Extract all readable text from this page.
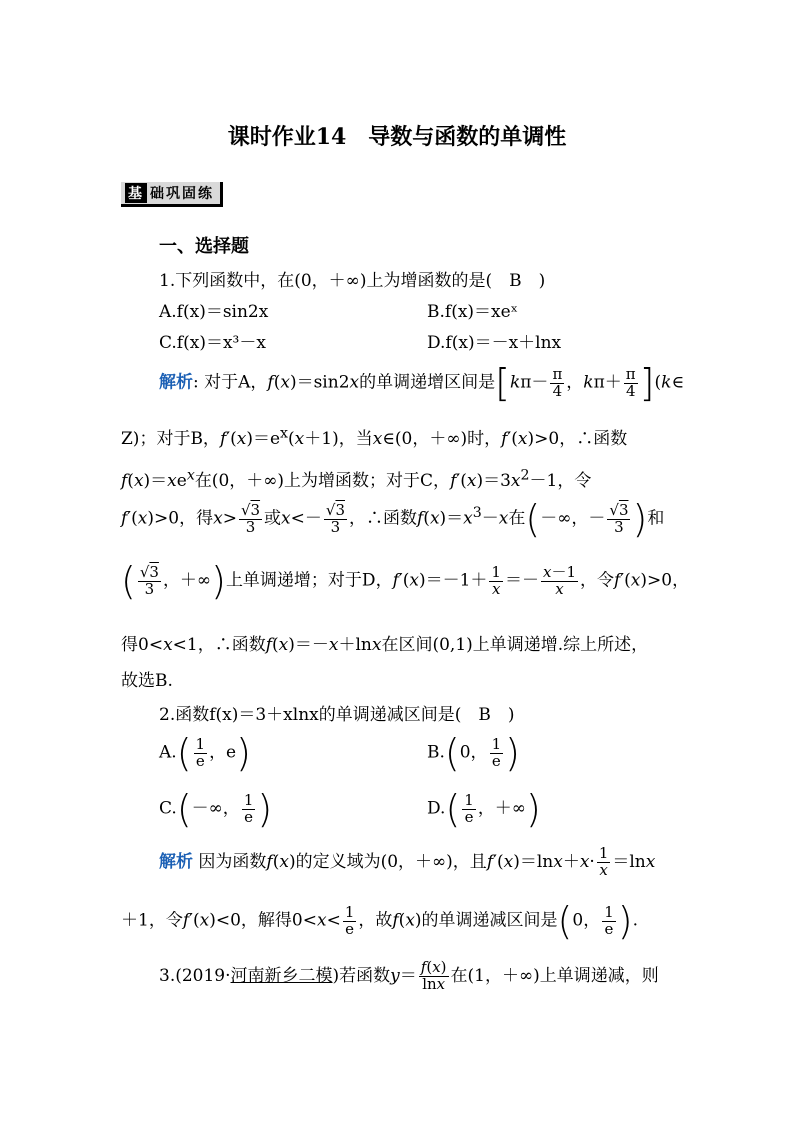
课时作业14　导数与函数的单调性
基 础巩固练
一、选择题
1.下列函数中，在(0，＋∞)上为增函数的是(　B　)
A.f(x)＝sin2x	B.f(x)＝xeˣ
C.f(x)＝x³－x	D.f(x)＝－x＋lnx
解析: 对于A，f(x)＝sin2x的单调递增区间是[$k\pi- \frac{\pi}{4}$ ，$k\pi+ \frac{\pi}{4}$ ](k∈
Z)；对于B，$f'(x)=e^x(x+1)$，当x∈(0，＋∞)时，f′(x)>0，∴函数
$f(x)=xe^x$在(0，＋∞)上为增函数；对于C，$f'(x)=3x^2-1$，令
f′(x)>0，得$x> \frac{√3}{3}$ 或$x<- \frac{√3}{3}$ ，∴函数$f(x)=x^3-x$在(－∞，－ $\frac{√3}{3}$ )和
( $\frac{√3}{3}$ ，＋∞)上单调递增；对于D，$f'(x)=-1+ \frac{1}{x} =- \frac{x-1}{x}$ ，令f′(x)>0，
得0<x<1，∴函数f(x)＝－x＋lnx在区间(0,1)上单调递增.综上所述，
故选B.
2.函数f(x)＝3＋xlnx的单调递减区间是(　B　)
$A.( \frac{1}{e}$ ，e)	B.(0， $\frac{1}{e}$ )
C.(－∞， $\frac{1}{e}$ )	$D.( \frac{1}{e}$ ，＋∞)
解析 因为函数f(x)的定义域为(0，＋∞)，且$f'(x)=\ln x+x\cdot \frac{1}{x} =\ln x$
＋1，令f′(x)<0，解得$0<x< \frac{1}{e}$ ，故f(x)的单调递减区间是(0， $\frac{1}{e}$ ).
3.(2019·河南新乡二模)若函数$y= \frac{f(x)}{\ln x}$ 在(1，＋∞)上单调递减，则
